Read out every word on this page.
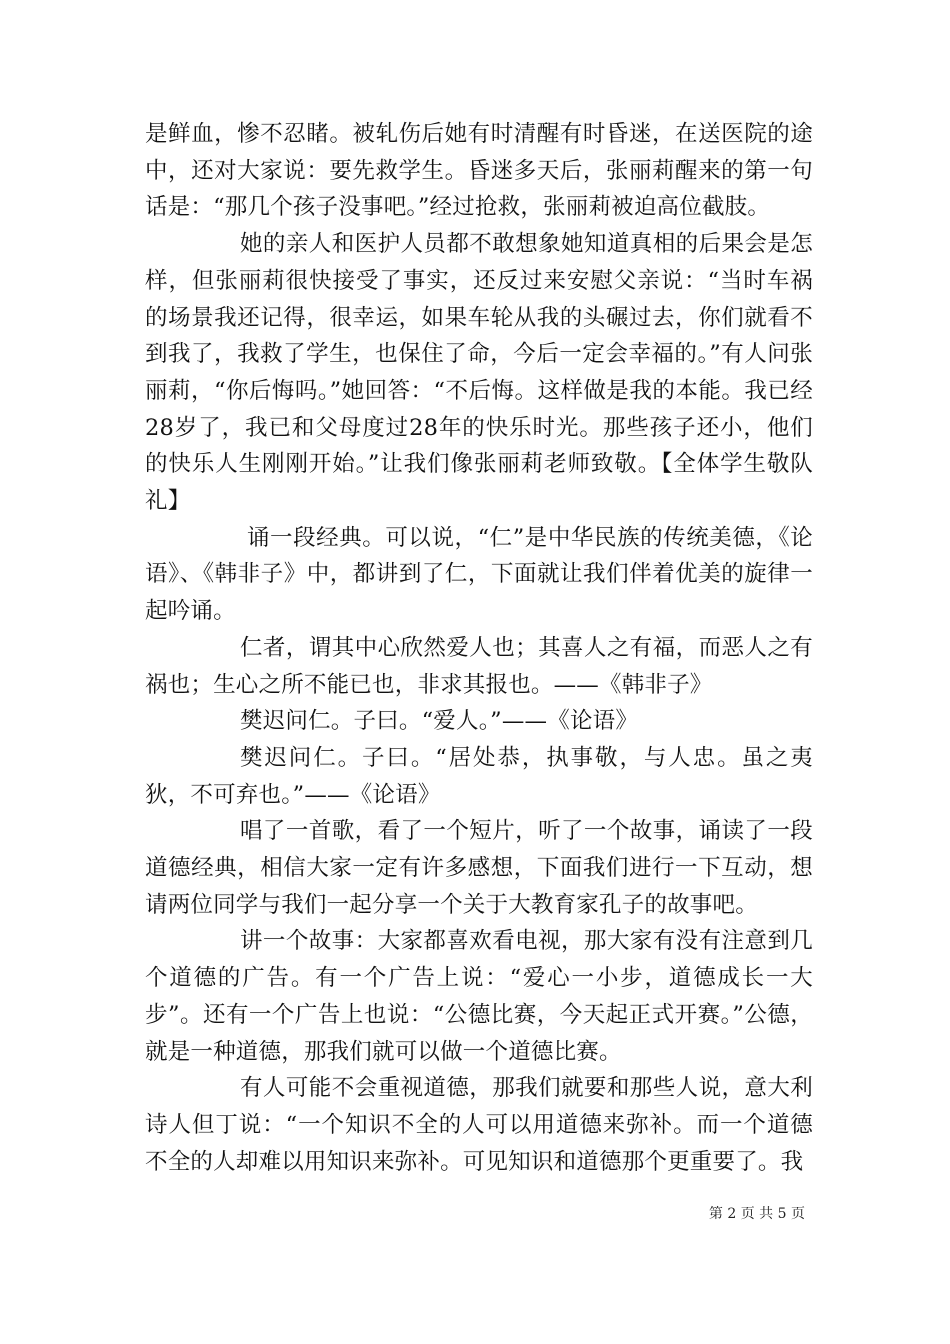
是鲜血，惨不忍睹。被轧伤后她有时清醒有时昏迷，在送医院的途中，还对大家说：要先救学生。昏迷多天后，张丽莉醒来的第一句话是：“那几个孩子没事吧。”经过抢救，张丽莉被迫高位截肢。

她的亲人和医护人员都不敢想象她知道真相的后果会是怎样，但张丽莉很快接受了事实，还反过来安慰父亲说：“当时车祸的场景我还记得，很幸运，如果车轮从我的头碾过去，你们就看不到我了，我救了学生，也保住了命，今后一定会幸福的。”有人问张丽莉，“你后悔吗。”她回答：“不后悔。这样做是我的本能。我已经28岁了，我已和父母度过28年的快乐时光。那些孩子还小，他们的快乐人生刚刚开始。”让我们像张丽莉老师致敬。【全体学生敬队礼】

诵一段经典。可以说，“仁”是中华民族的传统美德，《论语》、《韩非子》中，都讲到了仁，下面就让我们伴着优美的旋律一起吟诵。

仁者，谓其中心欣然爱人也；其喜人之有福，而恶人之有祸也；生心之所不能已也，非求其报也。——《韩非子》

樊迟问仁。子曰。“爱人。”——《论语》

樊迟问仁。子曰。“居处恭，执事敬，与人忠。虽之夷狄，不可弃也。”——《论语》

唱了一首歌，看了一个短片，听了一个故事，诵读了一段道德经典，相信大家一定有许多感想，下面我们进行一下互动，想请两位同学与我们一起分享一个关于大教育家孔子的故事吧。

讲一个故事：大家都喜欢看电视，那大家有没有注意到几个道德的广告。有一个广告上说：“爱心一小步，道德成长一大步”。还有一个广告上也说：“公德比赛，今天起正式开赛。”公德，就是一种道德，那我们就可以做一个道德比赛。

有人可能不会重视道德，那我们就要和那些人说，意大利诗人但丁说：“一个知识不全的人可以用道德来弥补。而一个道德不全的人却难以用知识来弥补。可见知识和道德那个更重要了。我

第 2 页 共 5 页
